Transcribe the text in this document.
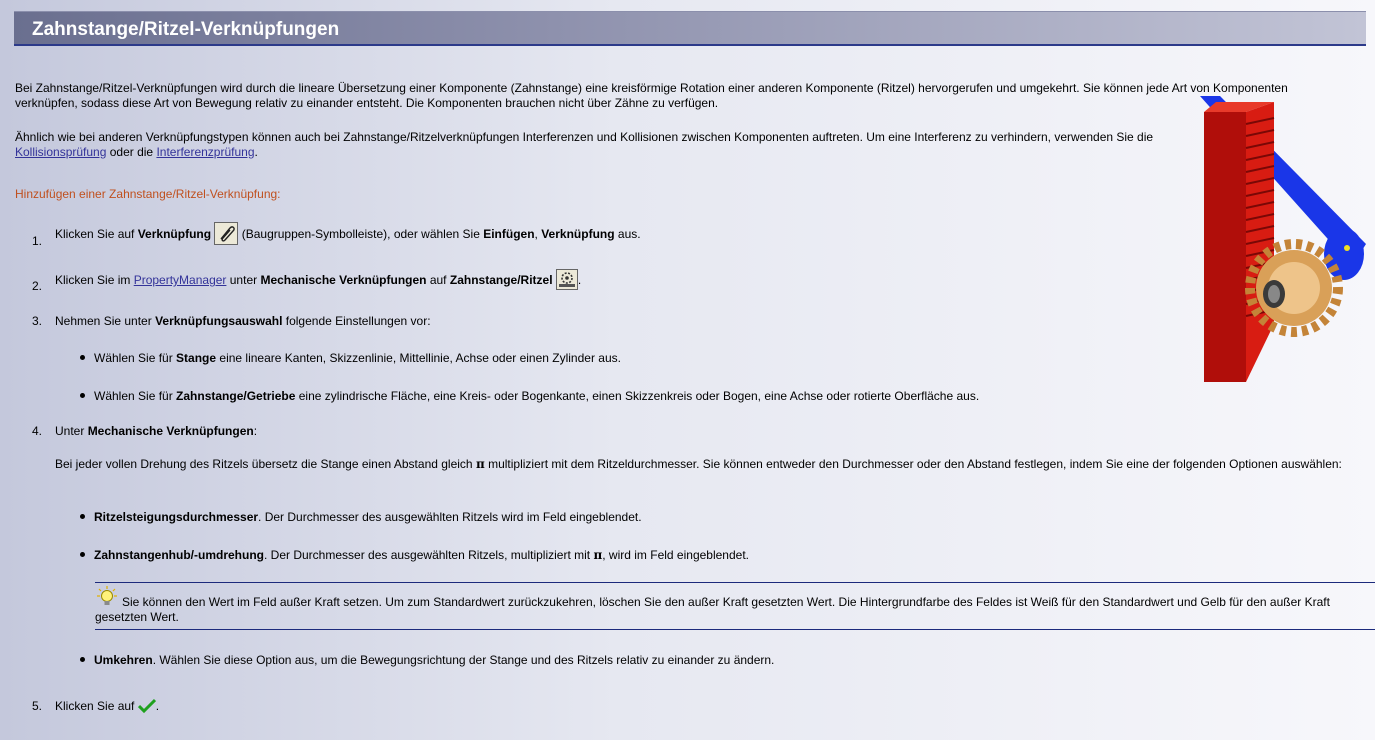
Zahnstange/Ritzel-Verknüpfungen

Bei Zahnstange/Ritzel-Verknüpfungen wird durch die lineare Übersetzung einer Komponente (Zahnstange) eine kreisförmige Rotation einer anderen Komponente (Ritzel) hervorgerufen und umgekehrt. Sie können jede Art von Komponenten verknüpfen, sodass diese Art von Bewegung relativ zu einander entsteht. Die Komponenten brauchen nicht über Zähne zu verfügen.

Ähnlich wie bei anderen Verknüpfungstypen können auch bei Zahnstange/Ritzelverknüpfungen Interferenzen und Kollisionen zwischen Komponenten auftreten. Um eine Interferenz zu verhindern, verwenden Sie die Kollisionsprüfung oder die Interferenzprüfung.

Hinzufügen einer Zahnstange/Ritzel-Verknüpfung:
1.
Klicken Sie auf Verknüpfung  (Baugruppen-Symbolleiste), oder wählen Sie Einfügen, Verknüpfung aus.
2. Klicken Sie im PropertyManager unter Mechanische Verknüpfungen auf Zahnstange/Ritzel .
3. Nehmen Sie unter Verknüpfungsauswahl folgende Einstellungen vor:
Wählen Sie für Stange eine lineare Kanten, Skizzenlinie, Mittellinie, Achse oder einen Zylinder aus.
Wählen Sie für Zahnstange/Getriebe eine zylindrische Fläche, eine Kreis- oder Bogenkante, einen Skizzenkreis oder Bogen, eine Achse oder rotierte Oberfläche aus.
4. Unter Mechanische Verknüpfungen:

Bei jeder vollen Drehung des Ritzels übersetz die Stange einen Abstand gleich π multipliziert mit dem Ritzeldurchmesser. Sie können entweder den Durchmesser oder den Abstand festlegen, indem Sie eine der folgenden Optionen auswählen:

Ritzelsteigungsdurchmesser. Der Durchmesser des ausgewählten Ritzels wird im Feld eingeblendet.
Zahnstangenhub/-umdrehung. Der Durchmesser des ausgewählten Ritzels, multipliziert mit π, wird im Feld eingeblendet.

Sie können den Wert im Feld außer Kraft setzen. Um zum Standardwert zurückzukehren, löschen Sie den außer Kraft gesetzten Wert. Die Hintergrundfarbe des Feldes ist Weiß für den Standardwert und Gelb für den außer Kraft gesetzten Wert.

Umkehren. Wählen Sie diese Option aus, um die Bewegungsrichtung der Stange und des Ritzels relativ zu einander zu ändern.
5. Klicken Sie auf .
